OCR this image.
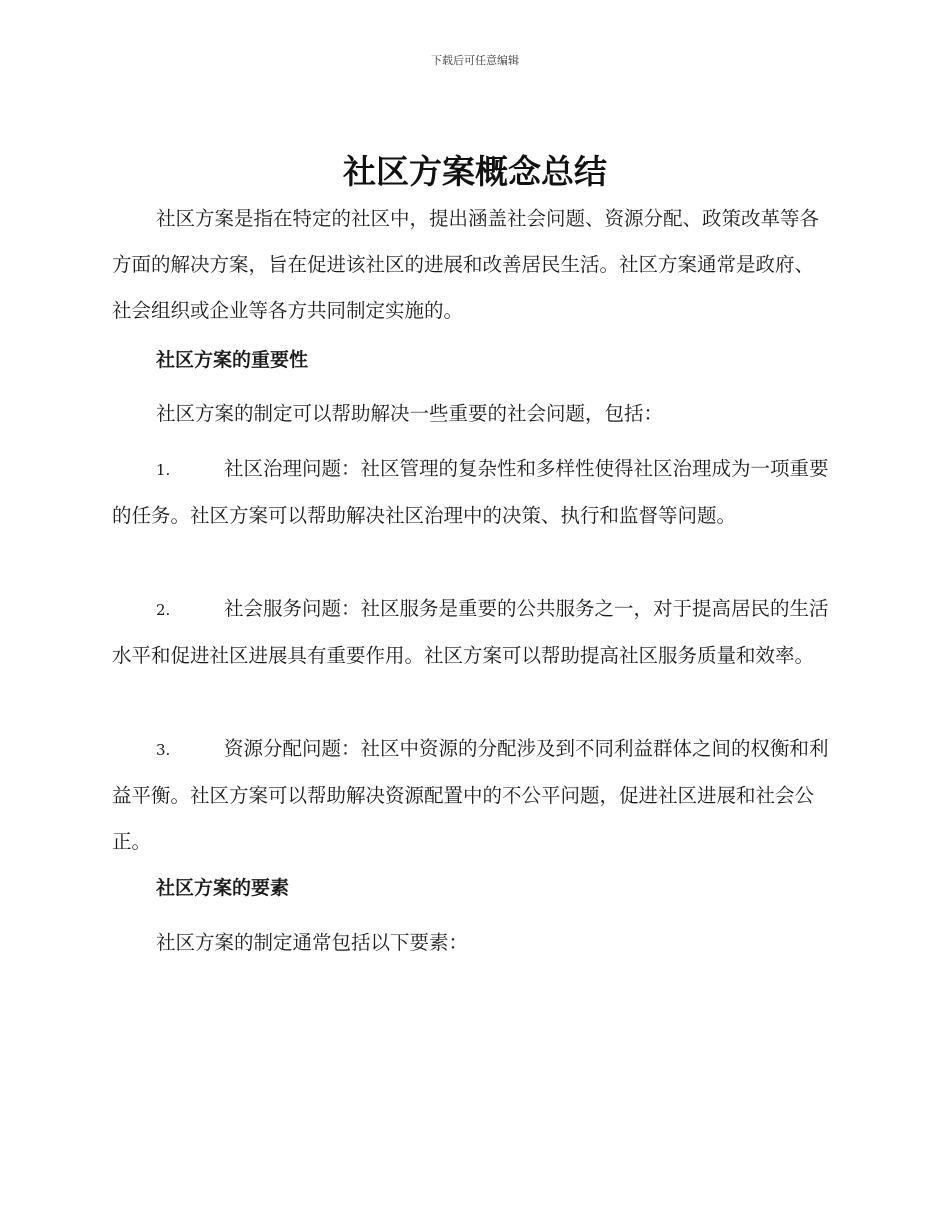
下载后可任意编辑
社区方案概念总结

社区方案是指在特定的社区中，提出涵盖社会问题、资源分配、政策改革等各方面的解决方案，旨在促进该社区的进展和改善居民生活。社区方案通常是政府、社会组织或企业等各方共同制定实施的。

社区方案的重要性

社区方案的制定可以帮助解决一些重要的社会问题，包括：

1.	社区治理问题：社区管理的复杂性和多样性使得社区治理成为一项重要的任务。社区方案可以帮助解决社区治理中的决策、执行和监督等问题。

2.	社会服务问题：社区服务是重要的公共服务之一，对于提高居民的生活水平和促进社区进展具有重要作用。社区方案可以帮助提高社区服务质量和效率。

3.	资源分配问题：社区中资源的分配涉及到不同利益群体之间的权衡和利益平衡。社区方案可以帮助解决资源配置中的不公平问题，促进社区进展和社会公正。

社区方案的要素

社区方案的制定通常包括以下要素：
